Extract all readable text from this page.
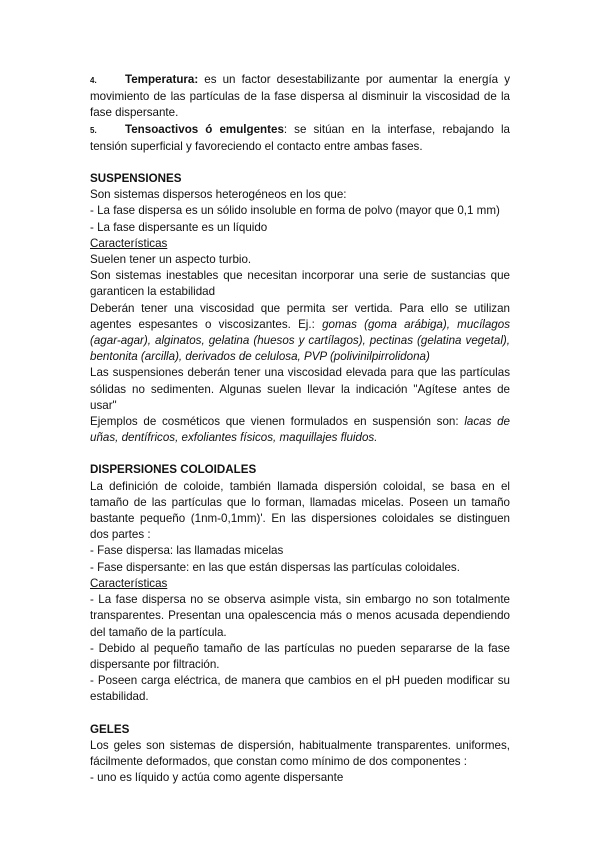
4. Temperatura: es un factor desestabilizante por aumentar la energía y movimiento de las partículas de la fase dispersa al disminuir la viscosidad de la fase dispersante.

5. Tensoactivos ó emulgentes: se sitúan en la interfase, rebajando la tensión superficial y favoreciendo el contacto entre ambas fases.

SUSPENSIONES

Son sistemas dispersos heterogéneos en los que:

- La fase dispersa es un sólido insoluble en forma de polvo (mayor que 0,1 mm)

- La fase dispersante es un líquido

Características

Suelen tener un aspecto turbio.

Son sistemas inestables que necesitan incorporar una serie de sustancias que garanticen la estabilidad

Deberán tener una viscosidad que permita ser vertida. Para ello se utilizan agentes espesantes o viscosizantes. Ej.: gomas (goma arábiga), mucílagos (agar-agar), alginatos, gelatina (huesos y cartílagos), pectinas (gelatina vegetal), bentonita (arcilla), derivados de celulosa, PVP (polivinilpirrolidona)

Las suspensiones deberán tener una viscosidad elevada para que las partículas sólidas no sedimenten. Algunas suelen llevar la indicación "Agítese antes de usar"

Ejemplos de cosméticos que vienen formulados en suspensión son: lacas de uñas, dentífricos, exfoliantes físicos, maquillajes fluidos.

DISPERSIONES COLOIDALES

La definición de coloide, también llamada dispersión coloidal, se basa en el tamaño de las partículas que lo forman, llamadas micelas. Poseen un tamaño bastante pequeño (1nm-0,1mm)'. En las dispersiones coloidales se distinguen dos partes :

- Fase dispersa: las llamadas micelas

- Fase dispersante: en las que están dispersas las partículas coloidales.

Características

- La fase dispersa no se observa asimple vista, sin embargo no son totalmente transparentes. Presentan una opalescencia más o menos acusada dependiendo del tamaño de la partícula.

- Debido al pequeño tamaño de las partículas no pueden separarse de la fase dispersante por filtración.

- Poseen carga eléctrica, de manera que cambios en el pH pueden modificar su estabilidad.

GELES

Los geles son sistemas de dispersión, habitualmente transparentes. uniformes, fácilmente deformados, que constan como mínimo de dos componentes :

- uno es líquido y actúa como agente dispersante
